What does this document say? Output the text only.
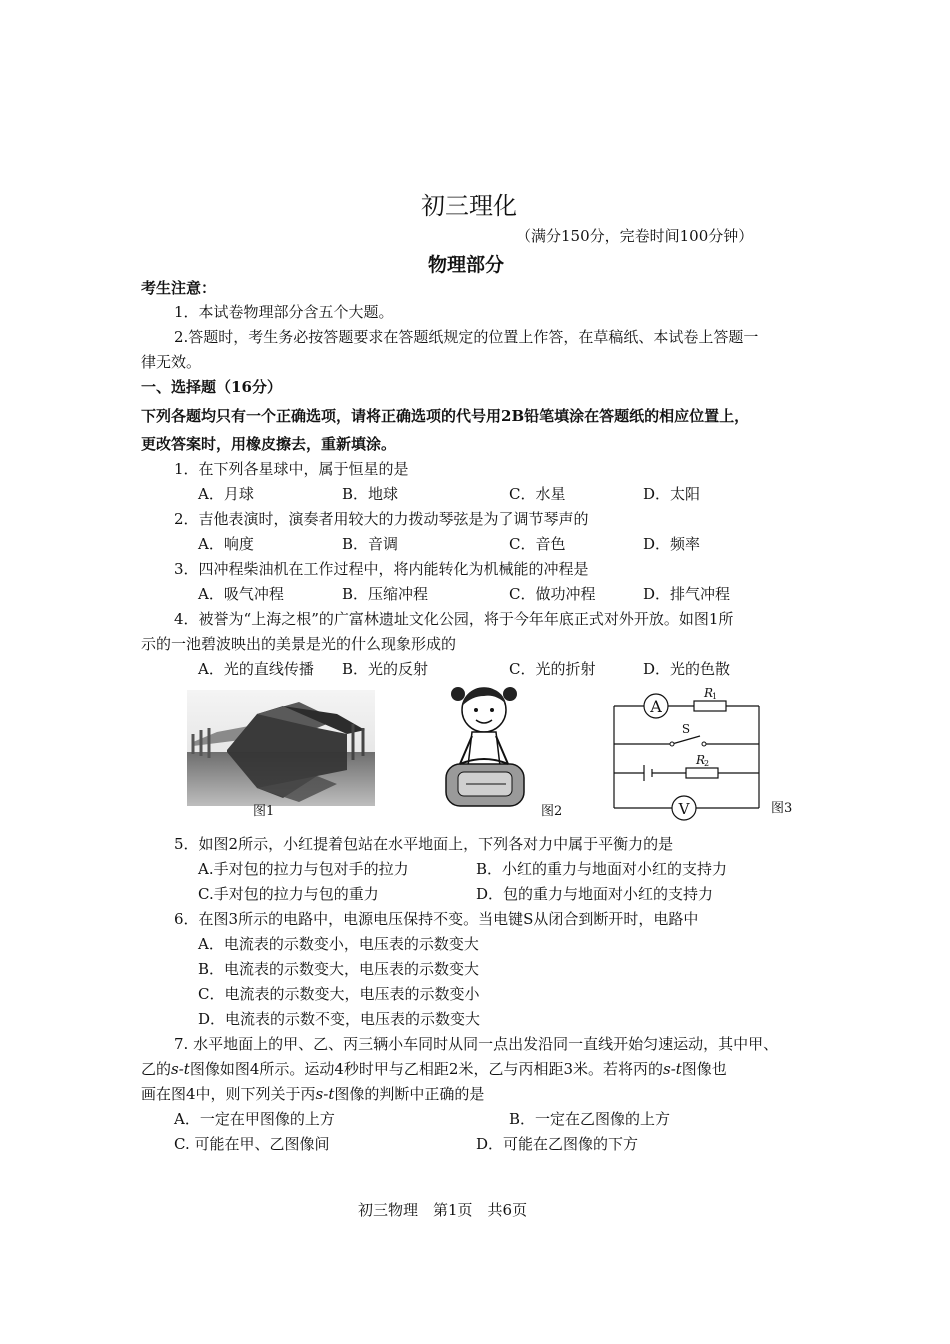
初三理化
（满分150分，完卷时间100分钟）
物理部分
考生注意：
1．本试卷物理部分含五个大题。
2.答题时，考生务必按答题要求在答题纸规定的位置上作答，在草稿纸、本试卷上答题一
律无效。
一、选择题（16分）
下列各题均只有一个正确选项，请将正确选项的代号用2B铅笔填涂在答题纸的相应位置上，
更改答案时，用橡皮擦去，重新填涂。
1．在下列各星球中，属于恒星的是
A．月球	B．地球	C．水星	D．太阳
2．吉他表演时，演奏者用较大的力拨动琴弦是为了调节琴声的
A．响度	B．音调	C．音色	D．频率
3．四冲程柴油机在工作过程中，将内能转化为机械能的冲程是
A．吸气冲程	B．压缩冲程	C．做功冲程	D．排气冲程
4．被誉为“上海之根”的广富林遗址文化公园，将于今年年底正式对外开放。如图1所
示的一池碧波映出的美景是光的什么现象形成的
A．光的直线传播 B．光的反射	C．光的折射	D．光的色散
图1	图2
A
V
S
R
1
R
2
图3
5．如图2所示，小红提着包站在水平地面上，下列各对力中属于平衡力的是
A.手对包的拉力与包对手的拉力	B．小红的重力与地面对小红的支持力
C.手对包的拉力与包的重力	D．包的重力与地面对小红的支持力
6．在图3所示的电路中，电源电压保持不变。当电键S从闭合到断开时，电路中
A．电流表的示数变小，电压表的示数变大
B．电流表的示数变大，电压表的示数变大
C．电流表的示数变大，电压表的示数变小
D．电流表的示数不变，电压表的示数变大
7. 水平地面上的甲、乙、丙三辆小车同时从同一点出发沿同一直线开始匀速运动，其中甲、
乙的s-t图像如图4所示。运动4秒时甲与乙相距2米，乙与丙相距3米。若将丙的s-t图像也
画在图4中，则下列关于丙s-t图像的判断中正确的是
A．一定在甲图像的上方	B．一定在乙图像的上方
C. 可能在甲、乙图像间	D．可能在乙图像的下方
初三物理　第1页　共6页
